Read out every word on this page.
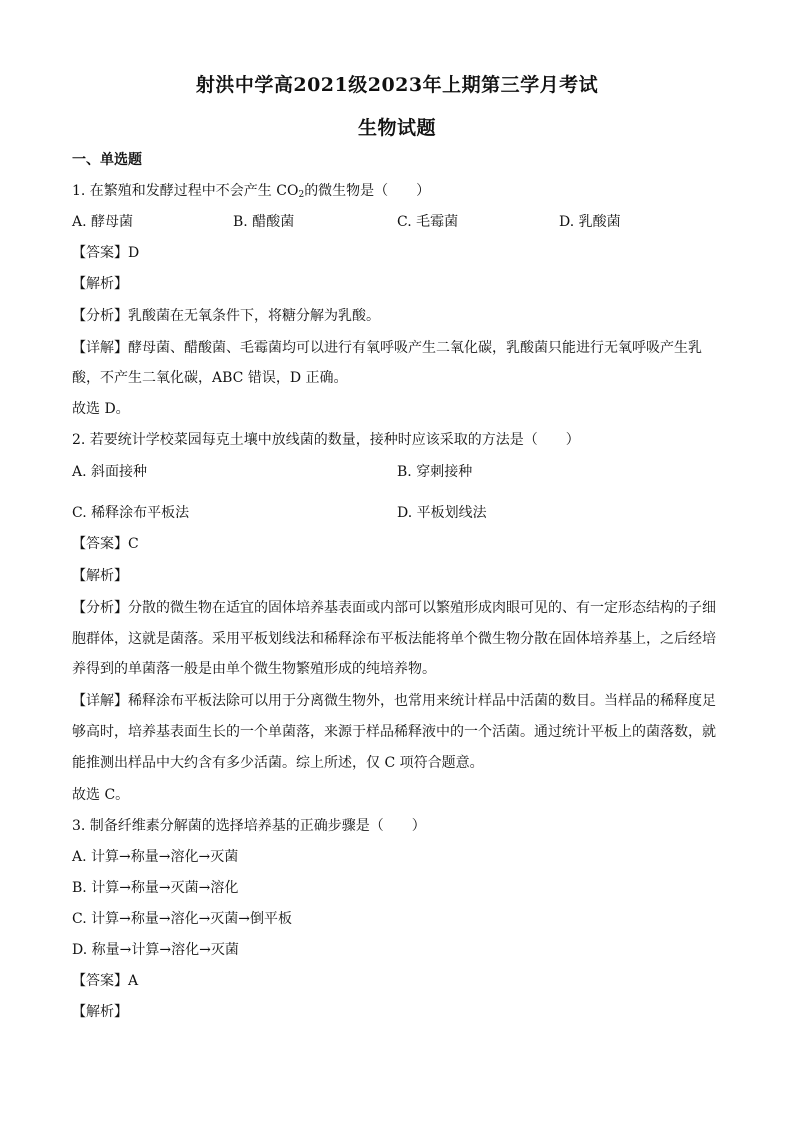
射洪中学高2021级2023年上期第三学月考试
生物试题
一、单选题
1. 在繁殖和发酵过程中不会产生 $CO_2$的微生物是（　　）
A. 酵母菌	B. 醋酸菌	C. 毛霉菌	D. 乳酸菌
【答案】D
【解析】
【分析】乳酸菌在无氧条件下，将糖分解为乳酸。
【详解】酵母菌、醋酸菌、毛霉菌均可以进行有氧呼吸产生二氧化碳，乳酸菌只能进行无氧呼吸产生乳
酸，不产生二氧化碳，ABC 错误，D 正确。
故选 D。
2. 若要统计学校菜园每克土壤中放线菌的数量，接种时应该采取的方法是（　　）
A. 斜面接种	B. 穿刺接种
C. 稀释涂布平板法	D. 平板划线法
【答案】C
【解析】
【分析】分散的微生物在适宜的固体培养基表面或内部可以繁殖形成肉眼可见的、有一定形态结构的子细
胞群体，这就是菌落。采用平板划线法和稀释涂布平板法能将单个微生物分散在固体培养基上，之后经培
养得到的单菌落一般是由单个微生物繁殖形成的纯培养物。
【详解】稀释涂布平板法除可以用于分离微生物外，也常用来统计样品中活菌的数目。当样品的稀释度足
够高时，培养基表面生长的一个单菌落，来源于样品稀释液中的一个活菌。通过统计平板上的菌落数，就
能推测出样品中大约含有多少活菌。综上所述，仅 C 项符合题意。
故选 C。
3. 制备纤维素分解菌的选择培养基的正确步骤是（　　）
A. 计算→称量→溶化→灭菌
B. 计算→称量→灭菌→溶化
C. 计算→称量→溶化→灭菌→倒平板
D. 称量→计算→溶化→灭菌
【答案】A
【解析】
